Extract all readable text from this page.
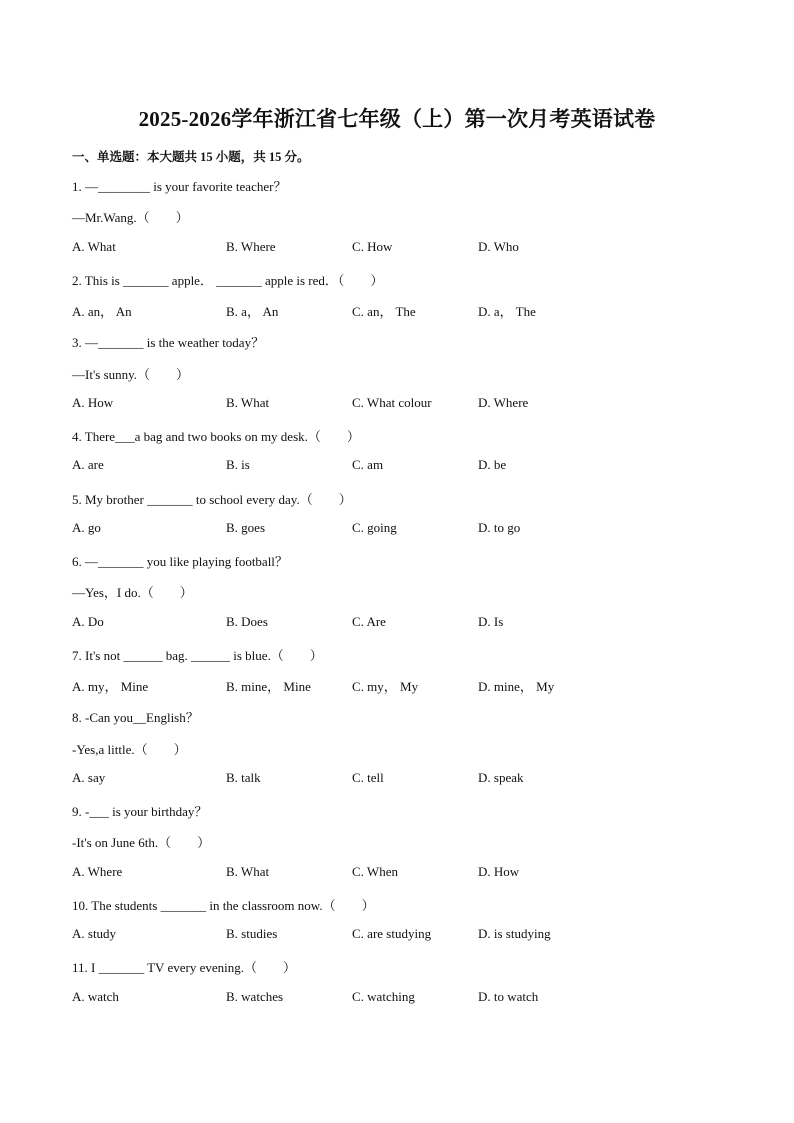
2025-2026学年浙江省七年级（上）第一次月考英语试卷
一、单选题：本大题共 15 小题，共 15 分。
1. —________ is your favorite teacher？
—Mr.Wang.（　　）
A. What	B. Where	C. How	D. Who
2. This is _______ apple． _______ apple is red．（　　）
A. an， An	B. a， An	C. an， The	D. a， The
3. —_______ is the weather today？
—It's sunny.（　　）
A. How	B. What	C. What colour	D. Where
4. There___a bag and two books on my desk.（　　）
A. are	B. is	C. am	D. be
5. My brother _______ to school every day.（　　）
A. go	B. goes	C. going	D. to go
6. —_______ you like playing football？
—Yes，I do.（　　）
A. Do	B. Does	C. Are	D. Is
7. It's not ______ bag. ______ is blue.（　　）
A. my， Mine	B. mine， Mine	C. my， My	D. mine， My
8. -Can you__English？
-Yes,a little.（　　）
A. say	B. talk	C. tell	D. speak
9. -___ is your birthday？
-It's on June 6th.（　　）
A. Where	B. What	C. When	D. How
10. The students _______ in the classroom now.（　　）
A. study	B. studies	C. are studying	D. is studying
11. I _______ TV every evening.（　　）
A. watch	B. watches	C. watching	D. to watch
